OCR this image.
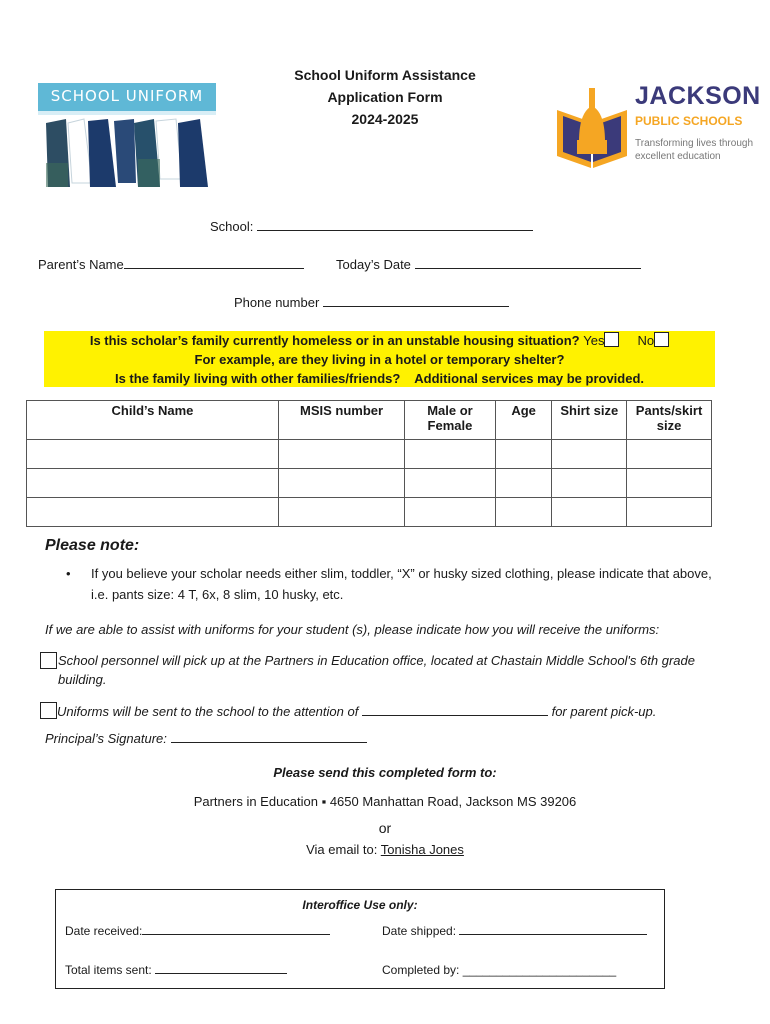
SCHOOL UNIFORM
School Uniform Assistance
Application Form
2024-2025
JACKSON
PUBLIC SCHOOLS
Transforming lives through
excellent education
School:
Parent’s Name	Today’s Date
Phone number
Is this scholar’s family currently homeless or in an unstable housing situation? Yes	No
For example, are they living in a hotel or temporary shelter?
Is the family living with other families/friends?    Additional services may be provided.
Child’s Name	MSIS number	Male or Female	Age	Shirt size	Pants/skirt size

Please note:
• If you believe your scholar needs either slim, toddler, “X” or husky sized clothing, please indicate that above, i.e. pants size: 4 T, 6x, 8 slim, 10 husky, etc.
If we are able to assist with uniforms for your student (s), please indicate how you will receive the uniforms:
School personnel will pick up at the Partners in Education office, located at Chastain Middle School's 6th grade building.
Uniforms will be sent to the school to the attention of	for parent pick-up.
Principal’s Signature:
Please send this completed form to:
Partners in Education ▪ 4650 Manhattan Road, Jackson MS 39206
or
Via email to: Tonisha Jones
Interoffice Use only:
Date received:	Date shipped:
Total items sent:	Completed by: _______________________
